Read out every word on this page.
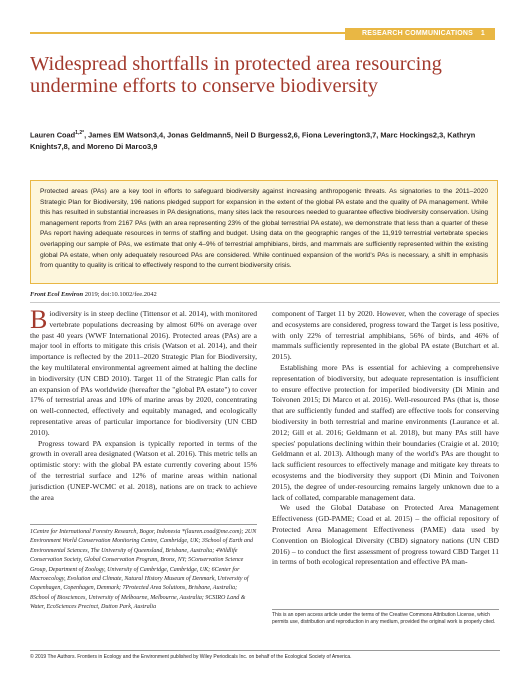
RESEARCH COMMUNICATIONS 1
Widespread shortfalls in protected area resourcing undermine efforts to conserve biodiversity

Lauren Coad$^{1,2*}$, James EM Watson3,4, Jonas Geldmann5, Neil D Burgess2,6, Fiona Leverington3,7, Marc Hockings2,3, Kathryn Knights7,8, and Moreno Di Marco3,9

Protected areas (PAs) are a key tool in efforts to safeguard biodiversity against increasing anthropogenic threats. As signatories to the 2011–2020 Strategic Plan for Biodiversity, 196 nations pledged support for expansion in the extent of the global PA estate and the quality of PA management. While this has resulted in substantial increases in PA designations, many sites lack the resources needed to guarantee effective biodiversity conservation. Using management reports from 2167 PAs (with an area representing 23% of the global terrestrial PA estate), we demonstrate that less than a quarter of these PAs report having adequate resources in terms of staffing and budget. Using data on the geographic ranges of the 11,919 terrestrial vertebrate species overlapping our sample of PAs, we estimate that only 4–9% of terrestrial amphibians, birds, and mammals are sufficiently represented within the existing global PA estate, when only adequately resourced PAs are considered. While continued expansion of the world's PAs is necessary, a shift in emphasis from quantity to quality is critical to effectively respond to the current biodiversity crisis.
Front Ecol Environ 2019; doi:10.1002/fee.2042

Biodiversity is in steep decline (Tittensor et al. 2014), with monitored vertebrate populations decreasing by almost 60% on average over the past 40 years (WWF International 2016). Protected areas (PAs) are a major tool in efforts to mitigate this crisis (Watson et al. 2014), and their importance is reflected by the 2011–2020 Strategic Plan for Biodiversity, the key multilateral environmental agreement aimed at halting the decline in biodiversity (UN CBD 2010). Target 11 of the Strategic Plan calls for an expansion of PAs worldwide (hereafter the "global PA estate") to cover 17% of terrestrial areas and 10% of marine areas by 2020, concentrating on well-connected, effectively and equitably managed, and ecologically representative areas of particular importance for biodiversity (UN CBD 2010).

Progress toward PA expansion is typically reported in terms of the growth in overall area designated (Watson et al. 2016). This metric tells an optimistic story: with the global PA estate currently covering about 15% of the terrestrial surface and 12% of marine areas within national jurisdiction (UNEP-WCMC et al. 2018), nations are on track to achieve the area

1Centre for International Forestry Research, Bogor, Indonesia *(lauren.coad@me.com); 2UN Environment World Conservation Monitoring Centre, Cambridge, UK; 3School of Earth and Environmental Sciences, The University of Queensland, Brisbane, Australia; 4Wildlife Conservation Society, Global Conservation Program, Bronx, NY; 5Conservation Science Group, Department of Zoology, University of Cambridge, Cambridge, UK; 6Center for Macroecology, Evolution and Climate, Natural History Museum of Denmark, University of Copenhagen, Copenhagen, Denmark; 7Protected Area Solutions, Brisbane, Australia; 8School of Biosciences, University of Melbourne, Melbourne, Australia; 9CSIRO Land & Water, EcoSciences Precinct, Dutton Park, Australia

component of Target 11 by 2020. However, when the coverage of species and ecosystems are considered, progress toward the Target is less positive, with only 22% of terrestrial amphibians, 56% of birds, and 46% of mammals sufficiently represented in the global PA estate (Butchart et al. 2015).

Establishing more PAs is essential for achieving a comprehensive representation of biodiversity, but adequate representation is insufficient to ensure effective protection for imperiled biodiversity (Di Minin and Toivonen 2015; Di Marco et al. 2016). Well-resourced PAs (that is, those that are sufficiently funded and staffed) are effective tools for conserving biodiversity in both terrestrial and marine environments (Laurance et al. 2012; Gill et al. 2016; Geldmann et al. 2018), but many PAs still have species' populations declining within their boundaries (Craigie et al. 2010; Geldmann et al. 2013). Although many of the world's PAs are thought to lack sufficient resources to effectively manage and mitigate key threats to ecosystems and the biodiversity they support (Di Minin and Toivonen 2015), the degree of under-resourcing remains largely unknown due to a lack of collated, comparable management data.

We used the Global Database on Protected Area Management Effectiveness (GD-PAME; Coad et al. 2015) – the official repository of Protected Area Management Effectiveness (PAME) data used by Convention on Biological Diversity (CBD) signatory nations (UN CBD 2016) – to conduct the first assessment of progress toward CBD Target 11 in terms of both ecological representation and effective PA man-

This is an open access article under the terms of the Creative Commons Attribution License, which permits use, distribution and reproduction in any medium, provided the original work is properly cited.

© 2019 The Authors. Frontiers in Ecology and the Environment published by Wiley Periodicals Inc. on behalf of the Ecological Society of America.
